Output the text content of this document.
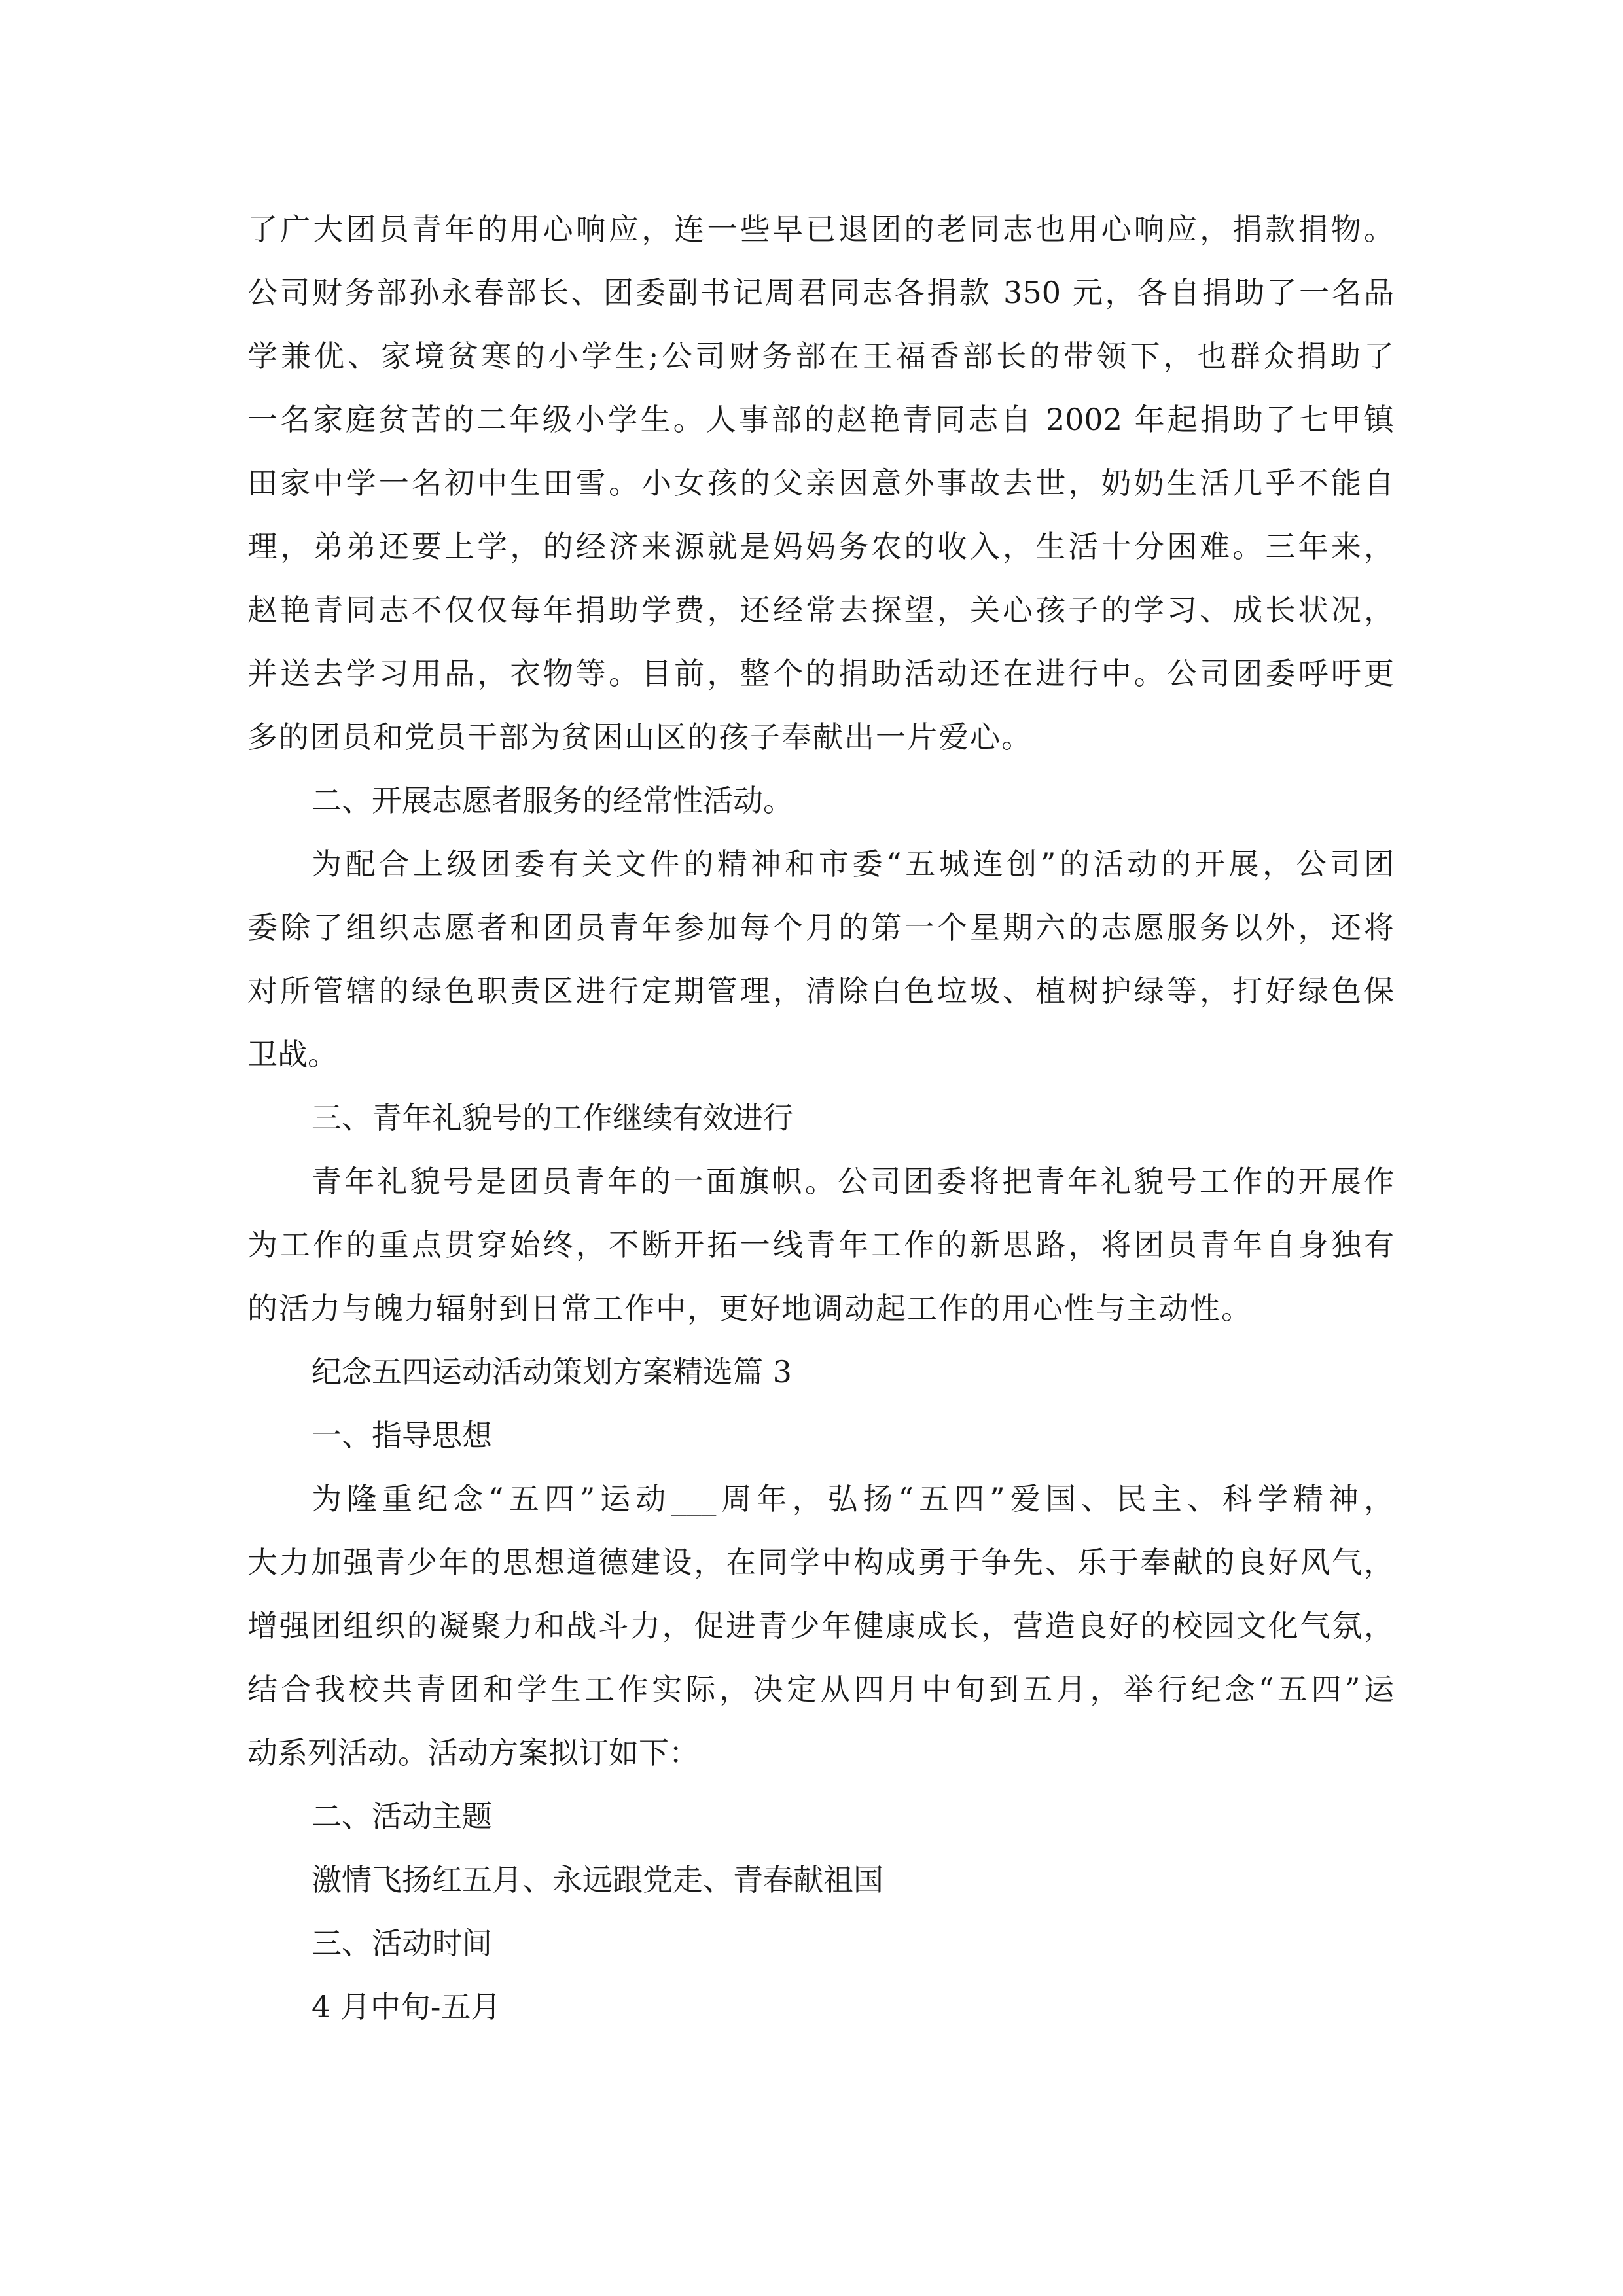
了广大团员青年的用心响应，连一些早已退团的老同志也用心响应，捐款捐物。
公司财务部孙永春部长、团委副书记周君同志各捐款 350 元，各自捐助了一名品
学兼优、家境贫寒的小学生;公司财务部在王福香部长的带领下，也群众捐助了
一名家庭贫苦的二年级小学生。人事部的赵艳青同志自 2002 年起捐助了七甲镇
田家中学一名初中生田雪。小女孩的父亲因意外事故去世，奶奶生活几乎不能自
理，弟弟还要上学，的经济来源就是妈妈务农的收入，生活十分困难。三年来，
赵艳青同志不仅仅每年捐助学费，还经常去探望，关心孩子的学习、成长状况，
并送去学习用品，衣物等。目前，整个的捐助活动还在进行中。公司团委呼吁更
多的团员和党员干部为贫困山区的孩子奉献出一片爱心。
二、开展志愿者服务的经常性活动。
为配合上级团委有关文件的精神和市委“五城连创”的活动的开展，公司团
委除了组织志愿者和团员青年参加每个月的第一个星期六的志愿服务以外，还将
对所管辖的绿色职责区进行定期管理，清除白色垃圾、植树护绿等，打好绿色保
卫战。
三、青年礼貌号的工作继续有效进行
青年礼貌号是团员青年的一面旗帜。公司团委将把青年礼貌号工作的开展作
为工作的重点贯穿始终，不断开拓一线青年工作的新思路，将团员青年自身独有
的活力与魄力辐射到日常工作中，更好地调动起工作的用心性与主动性。
纪念五四运动活动策划方案精选篇 3
一、指导思想
为隆重纪念“五四”运动___周年，弘扬“五四”爱国、民主、科学精神，
大力加强青少年的思想道德建设，在同学中构成勇于争先、乐于奉献的良好风气，
增强团组织的凝聚力和战斗力，促进青少年健康成长，营造良好的校园文化气氛，
结合我校共青团和学生工作实际，决定从四月中旬到五月，举行纪念“五四”运
动系列活动。活动方案拟订如下：
二、活动主题
激情飞扬红五月、永远跟党走、青春献祖国
三、活动时间
4 月中旬-五月
